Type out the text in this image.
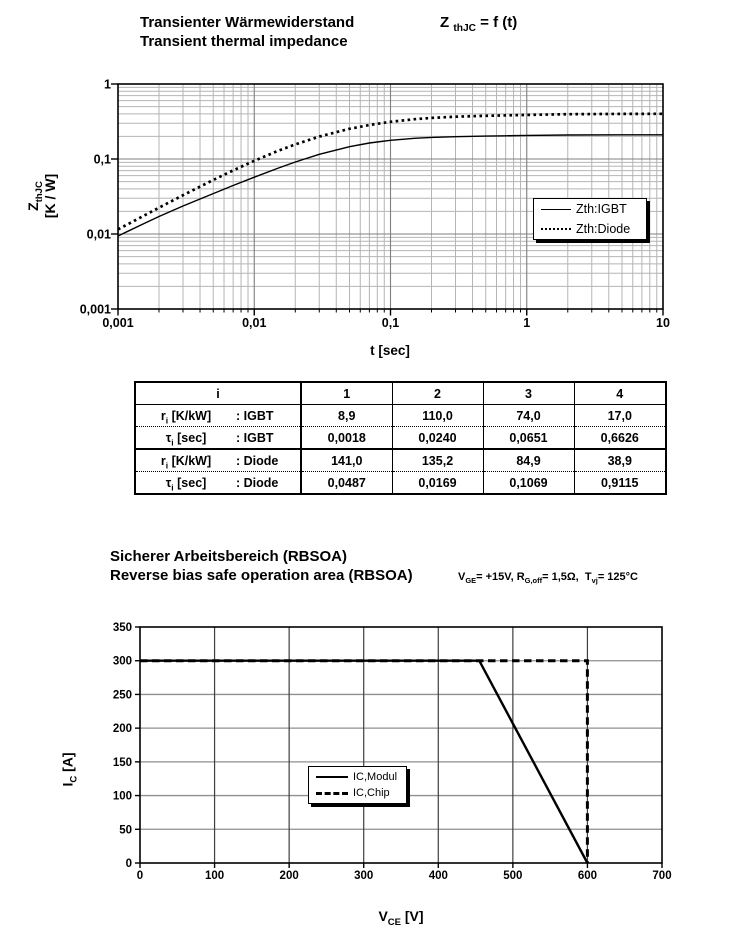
0,001	0,01	0,1	1	10
1
0,1
0,01
0,001
0	100	200	300	400	500	600	700
0
50
100
150
200
250
300
350
Transienter Wärmewiderstand
Transient thermal impedance
Z $_{thJC}$ = f (t)
$Z_{thJC}$
[K / W]
t [sec]
Zth:IGBT
Zth:Diode
i	1	2	3	4

$r_i$ [K/kW] : IGBT	8,9	110,0	74,0	17,0

$\tau_i$ [sec] : IGBT	0,0018	0,0240	0,0651	0,6626

$r_i$ [K/kW] : Diode	141,0	135,2	84,9	38,9

$\tau_i$ [sec] : Diode	0,0487	0,0169	0,1069	0,9115
Sicherer Arbeitsbereich (RBSOA)
Reverse bias safe operation area (RBSOA)	$V_{GE}= +15V$, $R_{G,off}= 1,5\Omega$,  $T_{vj}= 125^\circ C$
$I_C$ [A]
$V_{CE}$ [V]
IC,Modul
IC,Chip
